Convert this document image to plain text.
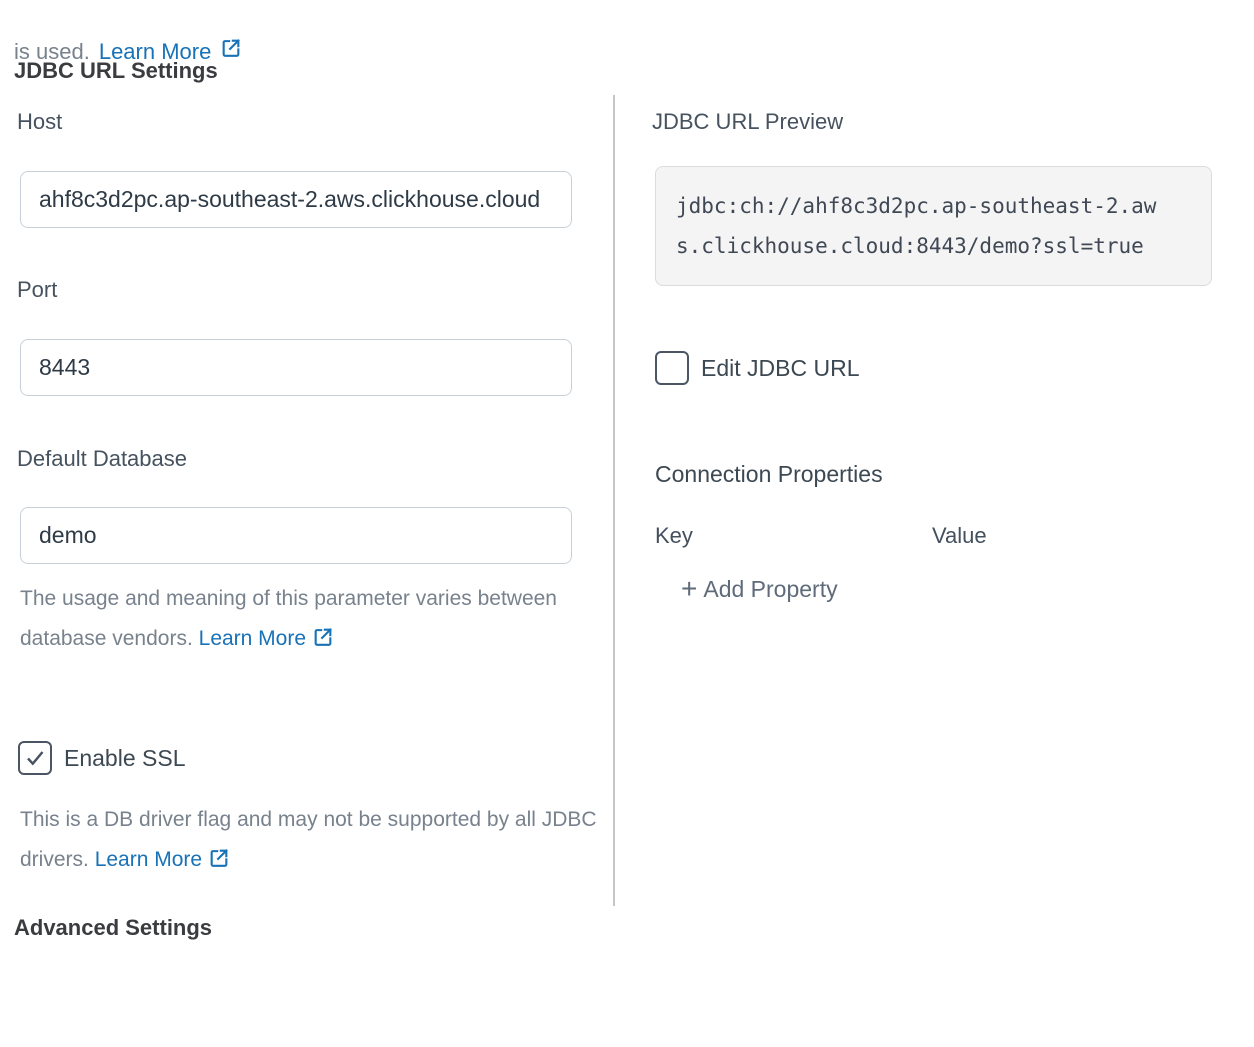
is used. Learn More
JDBC URL Settings
Host
ahf8c3d2pc.ap-southeast-2.aws.clickhouse.cloud
Port
8443
Default Database
demo
The usage and meaning of this parameter varies between database vendors. Learn More
Enable SSL
This is a DB driver flag and may not be supported by all JDBC drivers. Learn More
JDBC URL Preview
jdbc:ch://ahf8c3d2pc.ap-southeast-2.aws.clickhouse.cloud:8443/demo?ssl=true
Edit JDBC URL
Connection Properties
Key	Value
+ Add Property
Advanced Settings
